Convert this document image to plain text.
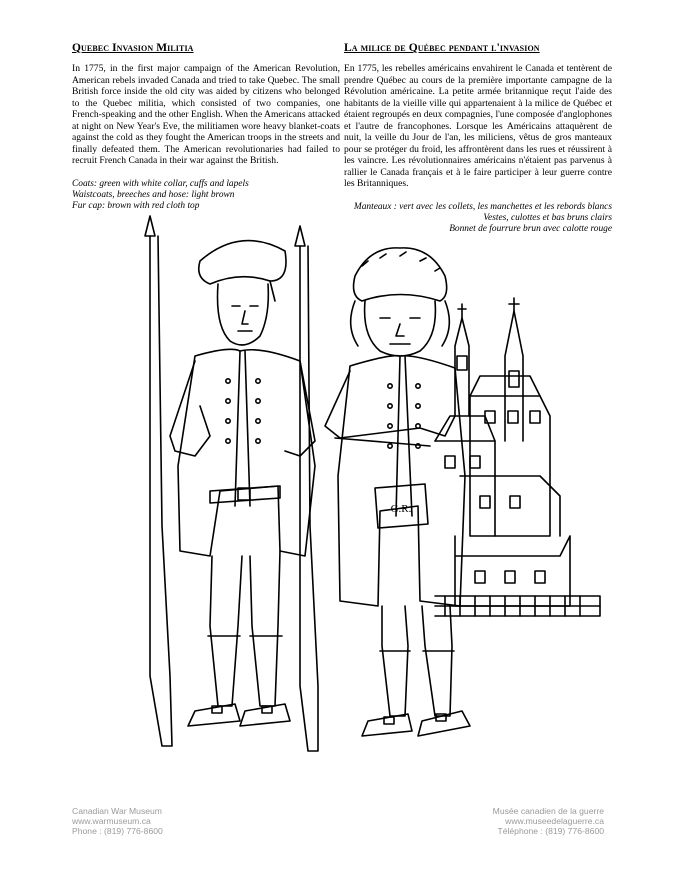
Quebec Invasion Militia

In 1775, in the first major campaign of the American Revolution, American rebels invaded Canada and tried to take Quebec. The small British force inside the old city was aided by citizens who belonged to the Quebec militia, which consisted of two companies, one French-speaking and the other English. When the Americans attacked at night on New Year's Eve, the militiamen wore heavy blanket-coats against the cold as they fought the American troops in the streets and finally defeated them. The American revolutionaries had failed to recruit French Canada in their war against the British.

Coats: green with white collar, cuffs and lapels
Waistcoats, breeches and hose: light brown
Fur cap: brown with red cloth top
La milice de Québec pendant l'invasion

En 1775, les rebelles américains envahirent le Canada et tentèrent de prendre Québec au cours de la première importante campagne de la Révolution américaine. La petite armée britannique reçut l'aide des habitants de la vieille ville qui appartenaient à la milice de Québec et étaient regroupés en deux compagnies, l'une composée d'anglophones et l'autre de francophones. Lorsque les Américains attaquèrent de nuit, la veille du Jour de l'an, les miliciens, vêtus de gros manteaux pour se protéger du froid, les affrontèrent dans les rues et réussirent à les vaincre. Les révolutionnaires américains n'étaient pas parvenus à rallier le Canada français et à le faire participer à leur guerre contre les Britanniques.

Manteaux : vert avec les collets, les manchettes et les rebords blancs
Vestes, culottes et bas bruns clairs
Bonnet de fourrure brun avec calotte rouge
G.R.
Canadian War Museum
www.warmuseum.ca
Phone : (819) 776-8600
Musée canadien de la guerre
www.museedelaguerre.ca
Téléphone : (819) 776-8600
